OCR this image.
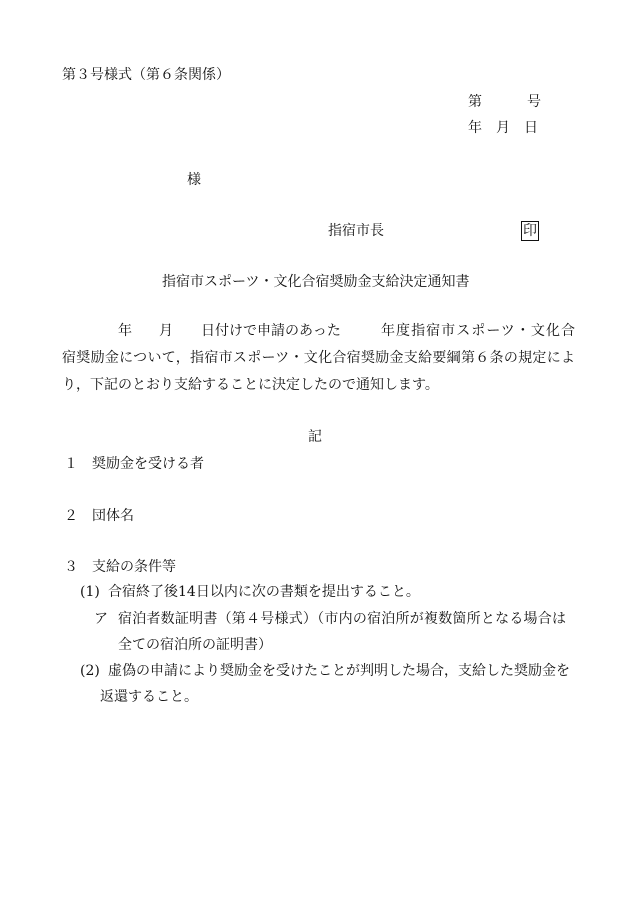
第３号様式（第６条関係）
第	号
年 月 日
様
指宿市長	印
指宿市スポーツ・文化合宿奨励金支給決定通知書
年 月 日付けで申請のあった	年度指宿市スポーツ・文化合
宿奨励金について，指宿市スポーツ・文化合宿奨励金支給要綱第６条の規定によ
り，下記のとおり支給することに決定したので通知します。
記
１ 奨励金を受ける者
２ 団体名
３ 支給の条件等
(1) 合宿終了後14日以内に次の書類を提出すること。
ア 宿泊者数証明書（第４号様式）（市内の宿泊所が複数箇所となる場合は
全ての宿泊所の証明書）
(2) 虚偽の申請により奨励金を受けたことが判明した場合，支給した奨励金を
返還すること。
